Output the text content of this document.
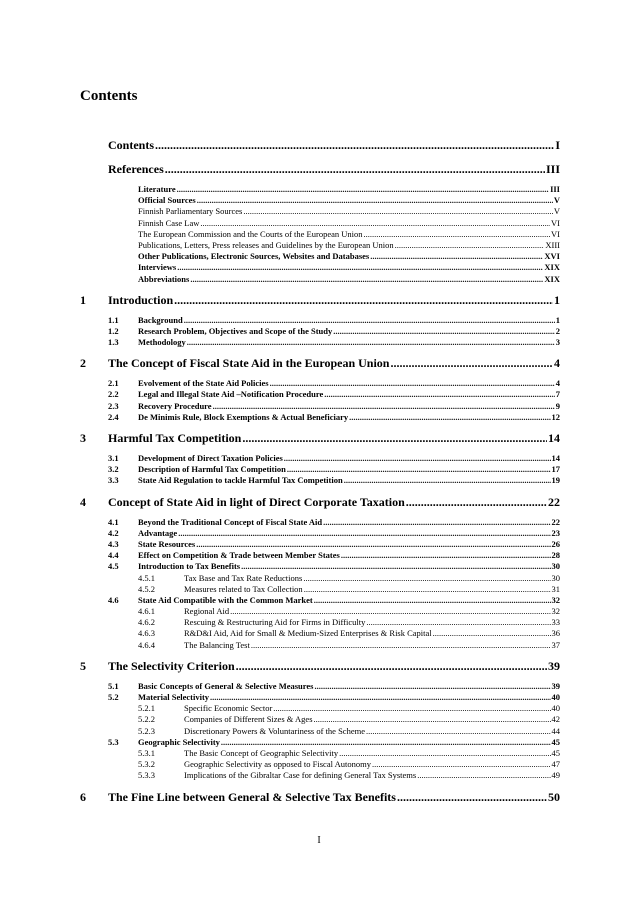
Contents
Contents .....	I
References .....	III
Literature .....	III
Official Sources .....	V
Finnish Parliamentary Sources .....	V
Finnish Case Law .....	VI
The European Commission and the Courts of the European Union .....	VI
Publications, Letters, Press releases and Guidelines by the European Union .....	XIII
Other Publications, Electronic Sources, Websites and Databases .....	XVI
Interviews .....	XIX
Abbreviations .....	XIX
1	Introduction .....	1
1.1	Background .....	1
1.2	Research Problem, Objectives and Scope of the Study .....	2
1.3	Methodology .....	3
2	The Concept of Fiscal State Aid in the European Union .....	4
2.1	Evolvement of the State Aid Policies .....	4
2.2	Legal and Illegal State Aid –Notification Procedure .....	7
2.3	Recovery Procedure .....	9
2.4	De Minimis Rule, Block Exemptions & Actual Beneficiary .....	12
3	Harmful Tax Competition .....	14
3.1	Development of Direct Taxation Policies .....	14
3.2	Description of Harmful Tax Competition .....	17
3.3	State Aid Regulation to tackle Harmful Tax Competition .....	19
4	Concept of State Aid in light of Direct Corporate Taxation .....	22
4.1	Beyond the Traditional Concept of Fiscal State Aid .....	22
4.2	Advantage .....	23
4.3	State Resources .....	26
4.4	Effect on Competition & Trade between Member States .....	28
4.5	Introduction to Tax Benefits .....	30
4.5.1	Tax Base and Tax Rate Reductions .....	30
4.5.2	Measures related to Tax Collection .....	31
4.6	State Aid Compatible with the Common Market .....	32
4.6.1	Regional Aid .....	32
4.6.2	Rescuing & Restructuring Aid for Firms in Difficulty .....	33
4.6.3	R&D&I Aid, Aid for Small & Medium-Sized Enterprises & Risk Capital .....	36
4.6.4	The Balancing Test .....	37
5	The Selectivity Criterion .....	39
5.1	Basic Concepts of General & Selective Measures .....	39
5.2	Material Selectivity .....	40
5.2.1	Specific Economic Sector .....	40
5.2.2	Companies of Different Sizes & Ages .....	42
5.2.3	Discretionary Powers & Voluntariness of the Scheme .....	44
5.3	Geographic Selectivity .....	45
5.3.1	The Basic Concept of Geographic Selectivity .....	45
5.3.2	Geographic Selectivity as opposed to Fiscal Autonomy .....	47
5.3.3	Implications of the Gibraltar Case for defining General Tax Systems .....	49
6	The Fine Line between General & Selective Tax Benefits .....	50
I
